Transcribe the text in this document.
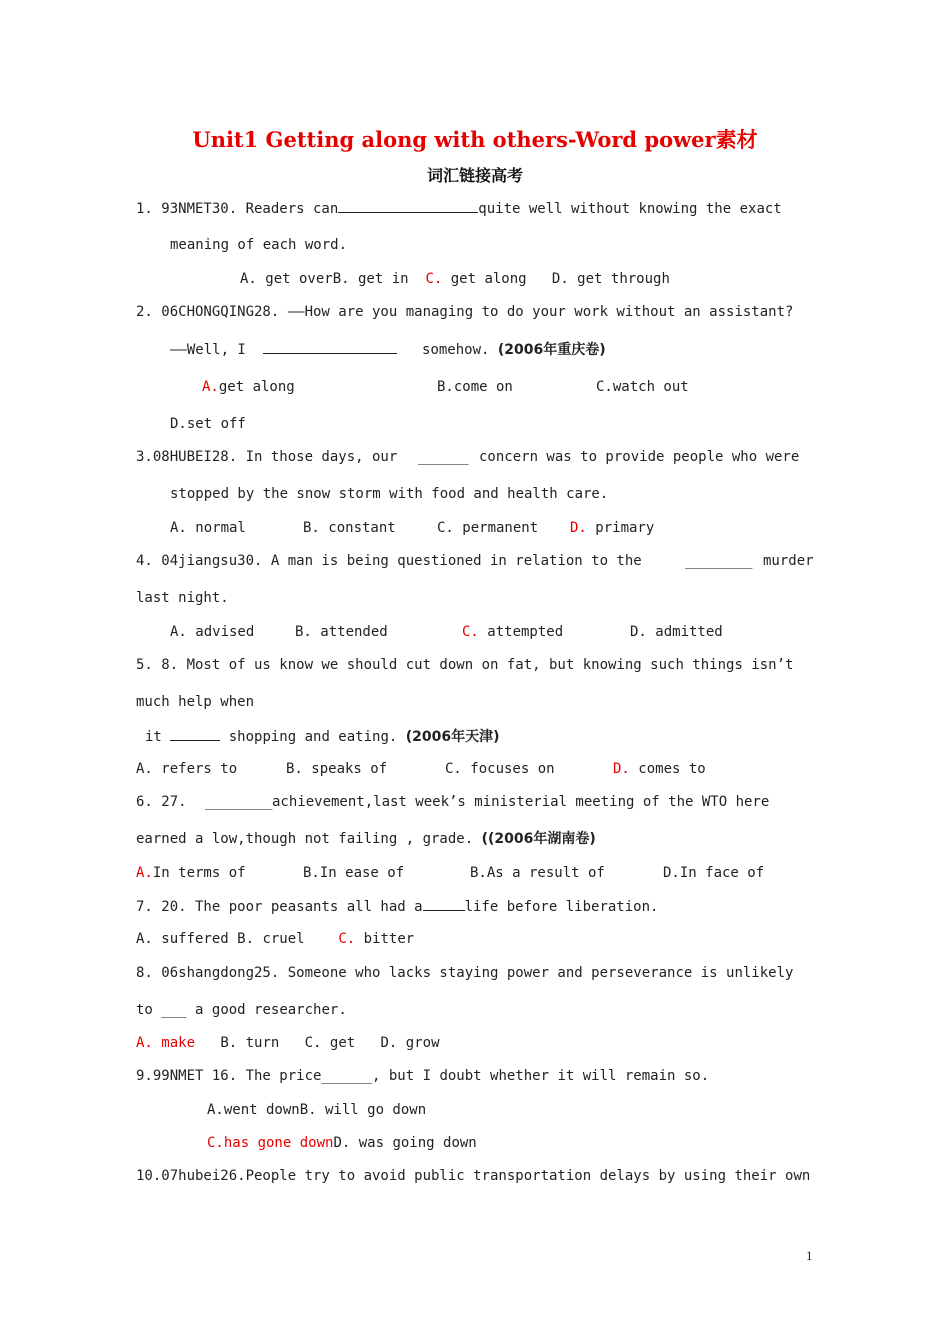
Unit1 Getting along with others-Word power素材
词汇链接高考
1. 93NMET30. Readers can	quite well without knowing the exact
meaning of each word.
A. get overB. get in C. get along D. get through
2. 06CHONGQING28. ——How are you managing to do your work without an assistant?
——Well, I	somehow. (2006年重庆卷)
A.get along	B.come on	C.watch out
D.set off
3.08HUBEI28. In those days, our ______ concern was to provide people who were
stopped by the snow storm with food and health care.
A. normal	B. constant	C. permanent D. primary
4. 04jiangsu30. A man is being questioned in relation to the	________ murder
last night.
A. advised	B. attended	C. attempted	D. admitted
5. 8. Most of us know we should cut down on fat, but knowing such things isn’t
much help when
it	shopping and eating. (2006年天津)
A. refers to	B. speaks of	C. focuses on	D. comes to
6. 27. ________ achievement,last week’s ministerial meeting of the WTO here
earned a low,though not failing , grade. ((2006年湖南卷)
A.In terms of	B.In ease of	B.As a result of	D.In face of
7. 20. The poor peasants all had a	life before liberation.
A. suffered B. cruel C. bitter
8. 06shangdong25. Someone who lacks staying power and perseverance is unlikely
to ___ a good researcher.
A. make B. turn C. get D. grow
9.99NMET 16. The price______, but I doubt whether it will remain so.
A.went downB. will go down
C.has gone downD. was going down
10.07hubei26.People try to avoid public transportation delays by using their own
1
